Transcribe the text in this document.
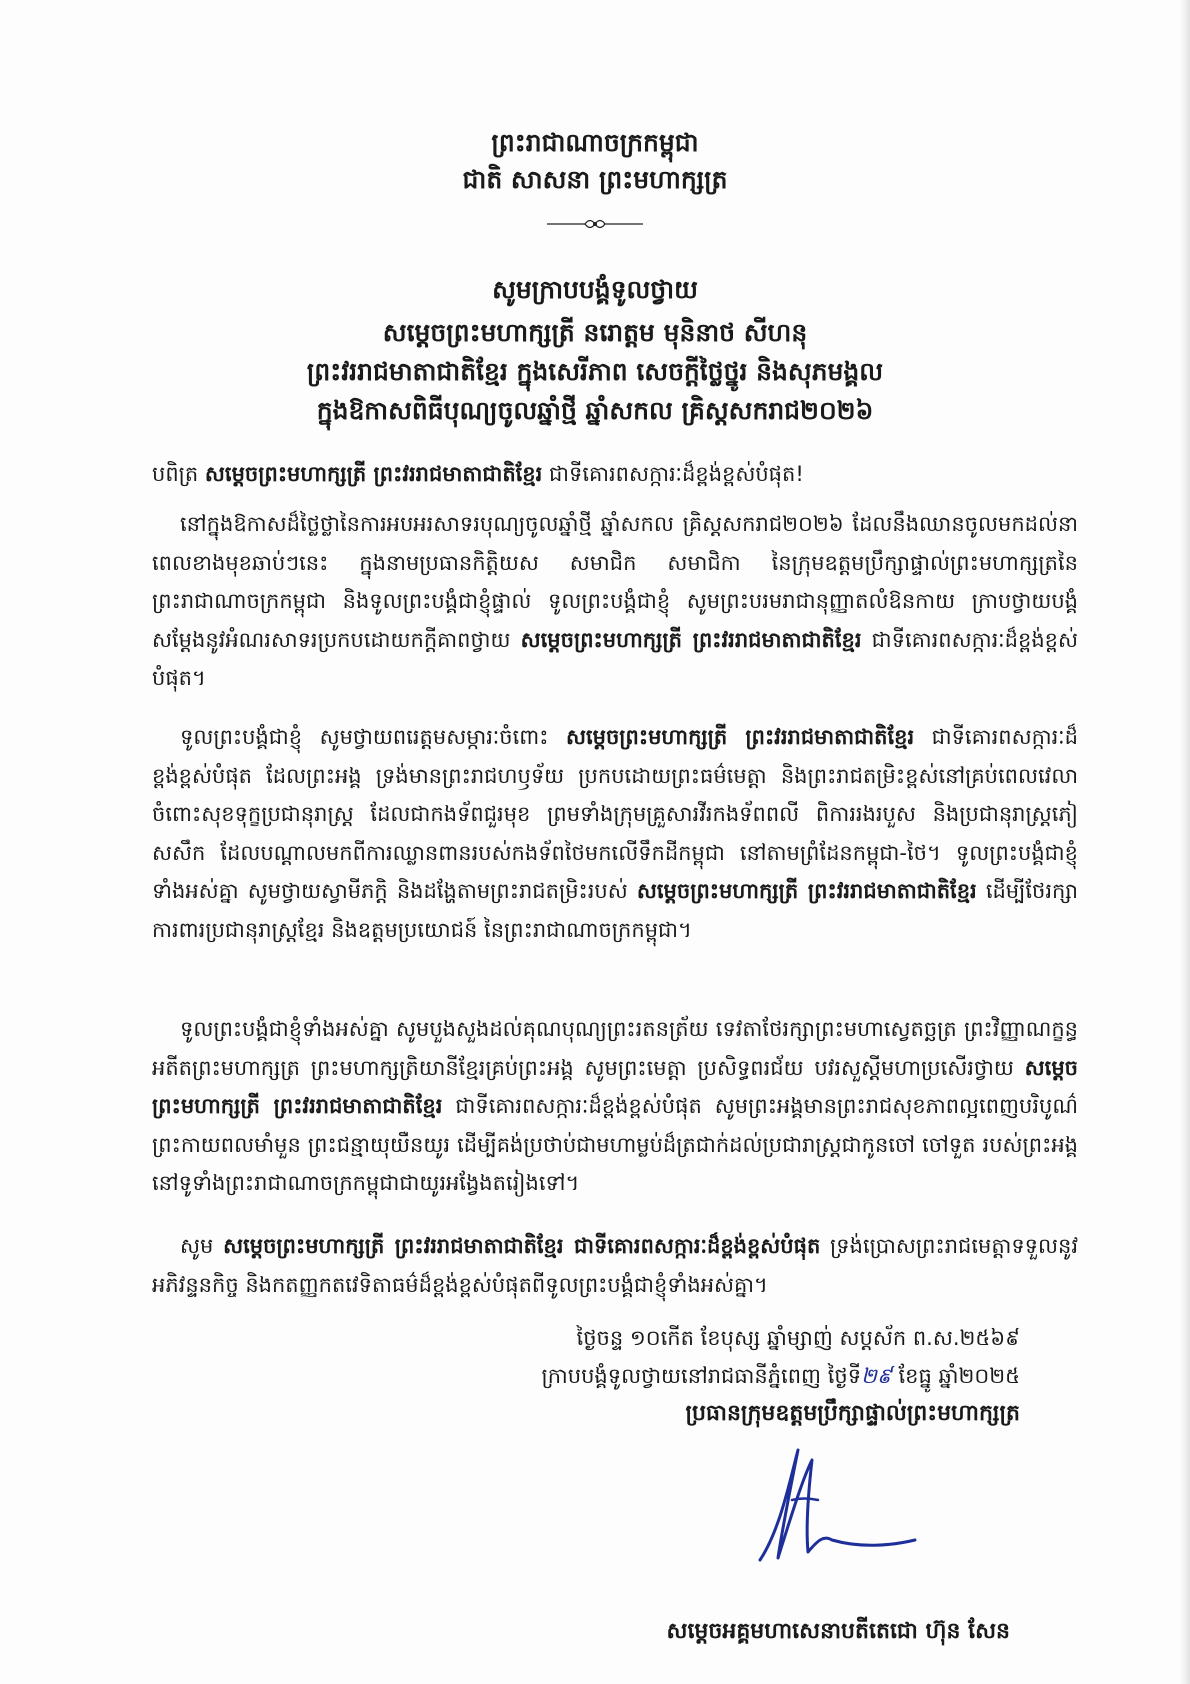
ព្រះរាជាណាចក្រកម្ពុជា
ជាតិ សាសនា ព្រះមហាក្សត្រ
សូមក្រាបបង្គំទូលថ្វាយ
សម្ដេចព្រះមហាក្សត្រី នរោត្ដម មុនិនាថ សីហនុ
ព្រះវររាជមាតាជាតិខ្មែរ ក្នុងសេរីភាព សេចក្ដីថ្លៃថ្នូរ និងសុភមង្គល
ក្នុងឱកាសពិធីបុណ្យចូលឆ្នាំថ្មី ឆ្នាំសកល គ្រិស្ដសករាជ២០២៦
បពិត្រ សម្ដេចព្រះមហាក្សត្រី ព្រះវររាជមាតាជាតិខ្មែរ ជាទីគោរពសក្ការៈដ៏ខ្ពង់ខ្ពស់បំផុត!
នៅក្នុងឱកាសដ៏ថ្លៃថ្លានៃការអបអរសាទរបុណ្យចូលឆ្នាំថ្មី ឆ្នាំសកល គ្រិស្ដសករាជ២០២៦ ដែលនឹងឈានចូលមកដល់នាពេលខាងមុខឆាប់ៗនេះ ក្នុងនាមប្រធានកិត្តិយស សមាជិក សមាជិកា នៃក្រុមឧត្តមប្រឹក្សាផ្ទាល់ព្រះមហាក្សត្រនៃព្រះរាជាណាចក្រកម្ពុជា និងទូលព្រះបង្គំជាខ្ញុំផ្ទាល់ ទូលព្រះបង្គំជាខ្ញុំ សូមព្រះបរមរាជានុញ្ញាតលំឱនកាយ ក្រាបថ្វាយបង្គំសម្ដែងនូវអំណរសាទរប្រកបដោយកក្ដីគាពថ្វាយ សម្ដេចព្រះមហាក្សត្រី ព្រះវររាជមាតាជាតិខ្មែរ ជាទីគោរពសក្ការៈដ៏ខ្ពង់ខ្ពស់បំផុត។
ទូលព្រះបង្គំជាខ្ញុំ សូមថ្វាយពរេត្តមសម្ការៈចំពោះ សម្ដេចព្រះមហាក្សត្រី ព្រះវររាជមាតាជាតិខ្មែរ ជាទីគោរពសក្ការៈដ៏ខ្ពង់ខ្ពស់បំផុត ដែលព្រះអង្គ ទ្រង់មានព្រះរាជហឫទ័យ ប្រកបដោយព្រះធម៌មេត្តា និងព្រះរាជតម្រិះខ្ពស់នៅគ្រប់ពេលវេលា ចំពោះសុខទុក្ខប្រជានុរាស្ត្រ ដែលជាកងទ័ពជួរមុខ ព្រមទាំងក្រុមគ្រួសារវីរកងទ័ពពលី ពិការរងរបួស និងប្រជានុរាស្ត្រភៀសសឹក ដែលបណ្ដាលមកពីការឈ្លានពានរបស់កងទ័ពថៃមកលើទឹកដីកម្ពុជា នៅតាមព្រំដែនកម្ពុជា-ថៃ។ ទូលព្រះបង្គំជាខ្ញុំទាំងអស់គ្នា សូមថ្វាយស្វាមីភក្ដិ និងដង្ហែតាមព្រះរាជតម្រិះរបស់ សម្ដេចព្រះមហាក្សត្រី ព្រះវររាជមាតាជាតិខ្មែរ ដើម្បីថែរក្សាការពារប្រជានុរាស្ត្រខ្មែរ និងឧត្ដមប្រយោជន៍ នៃព្រះរាជាណាចក្រកម្ពុជា។
ទូលព្រះបង្គំជាខ្ញុំទាំងអស់គ្នា សូមបួងសួងដល់គុណបុណ្យព្រះរតនត្រ័យ ទេវតាថែរក្សាព្រះមហាស្វេតច្ឆត្រ ព្រះវិញ្ញាណក្ខន្ធអតីតព្រះមហាក្សត្រ ព្រះមហាក្សត្រិយានីខ្មែរគ្រប់ព្រះអង្គ សូមព្រះមេត្តា ប្រសិទ្ធពរជ័យ បវរសួស្ដីមហាប្រសើរថ្វាយ សម្ដេចព្រះមហាក្សត្រី ព្រះវររាជមាតាជាតិខ្មែរ ជាទីគោរពសក្ការៈដ៏ខ្ពង់ខ្ពស់បំផុត សូមព្រះអង្គមានព្រះរាជសុខភាពល្អពេញបរិបូណ៌ ព្រះកាយពលមាំមួន ព្រះជន្មាយុយឺនយូរ ដើម្បីគង់ប្រថាប់ជាមហាម្លប់ដ៏ត្រជាក់ដល់ប្រជារាស្ត្រជាកូនចៅ ចៅទួត របស់ព្រះអង្គនៅទូទាំងព្រះរាជាណាចក្រកម្ពុជាជាយូរអង្វែងតរៀងទៅ។
សូម សម្ដេចព្រះមហាក្សត្រី ព្រះវររាជមាតាជាតិខ្មែរ ជាទីគោរពសក្ការៈដ៏ខ្ពង់ខ្ពស់បំផុត ទ្រង់ប្រោសព្រះរាជមេត្តាទទួលនូវអភិវន្ទនកិច្ច និងកតញ្ញកតវេទិតាធម៌ដ៏ខ្ពង់ខ្ពស់បំផុតពីទូលព្រះបង្គំជាខ្ញុំទាំងអស់គ្នា។
ថ្ងៃចន្ទ ១០កើត ខែបុស្ស ឆ្នាំម្សាញ់ សប្តស័ក ព.ស.២៥៦៩
ក្រាបបង្គំទូលថ្វាយនៅរាជធានីភ្នំពេញ ថ្ងៃទី២៩ ខែធ្នូ ឆ្នាំ២០២៥
ប្រធានក្រុមឧត្តមប្រឹក្សាផ្ទាល់ព្រះមហាក្សត្រ
សម្ដេចអគ្គមហាសេនាបតីតេជោ ហ៊ុន សែន
